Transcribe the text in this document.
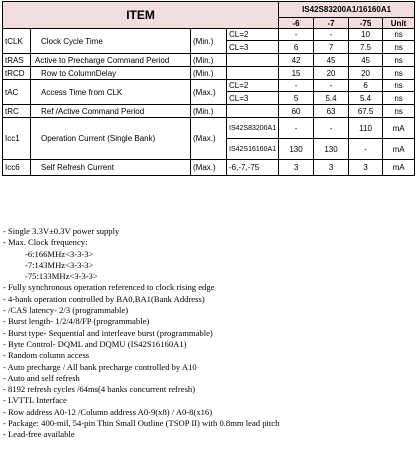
ITEM				IS42S83200A1/16160A1			
				-6	-7	-75	Unit
tCLK	Clock Cycle Time	(Min.)	CL=2	-	-	10	ns
			CL=3	6	7	7.5	ns
tRAS	Active to Precharge Command Period	(Min.)		42	45	45	ns
tRCD	Row to ColumnDelay	(Min.)		15	20	20	ns
tAC	Access Time from CLK	(Max.)	CL=2	-	-	6	ns
			CL=3	5	5.4	5.4	ns
tRC	Ref /Active Command Period	(Min.)		60	63	67.5	ns
Icc1	Operation Current (Single Bank)	(Max.)	IS42S83200A1	-	-	110	mA
			IS42S16160A1	130	130	-	mA
Icc6	Self Refresh Current	(Max.)	-6,-7,-75	3	3	3	mA
- Single 3.3V±0.3V power supply
- Max. Clock frequency:
-6:166MHz<3-3-3>
-7:143MHz<3-3-3>
-75:133MHz<3-3-3>
- Fully synchronous operation referenced to clock rising edge
- 4-bank operation controlled by BA0,BA1(Bank Address)
- /CAS latency- 2/3 (programmable)
- Burst length- 1/2/4/8/FP (programmable)
- Burst type- Sequential and interleave burst (programmable)
- Byte Control- DQML and DQMU (IS42S16160A1)
- Random column access
- Auto precharge / All bank precharge controlled by A10
- Auto and self refresh
- 8192 refresh cycles /64ms(4 banks concurrent refresh)
- LVTTL Interface
- Row address A0-12 /Column address A0-9(x8) / A0-8(x16)
- Package: 400-mil, 54-pin Thin Small Outline (TSOP II) with 0.8mm lead pitch
- Lead-free available
